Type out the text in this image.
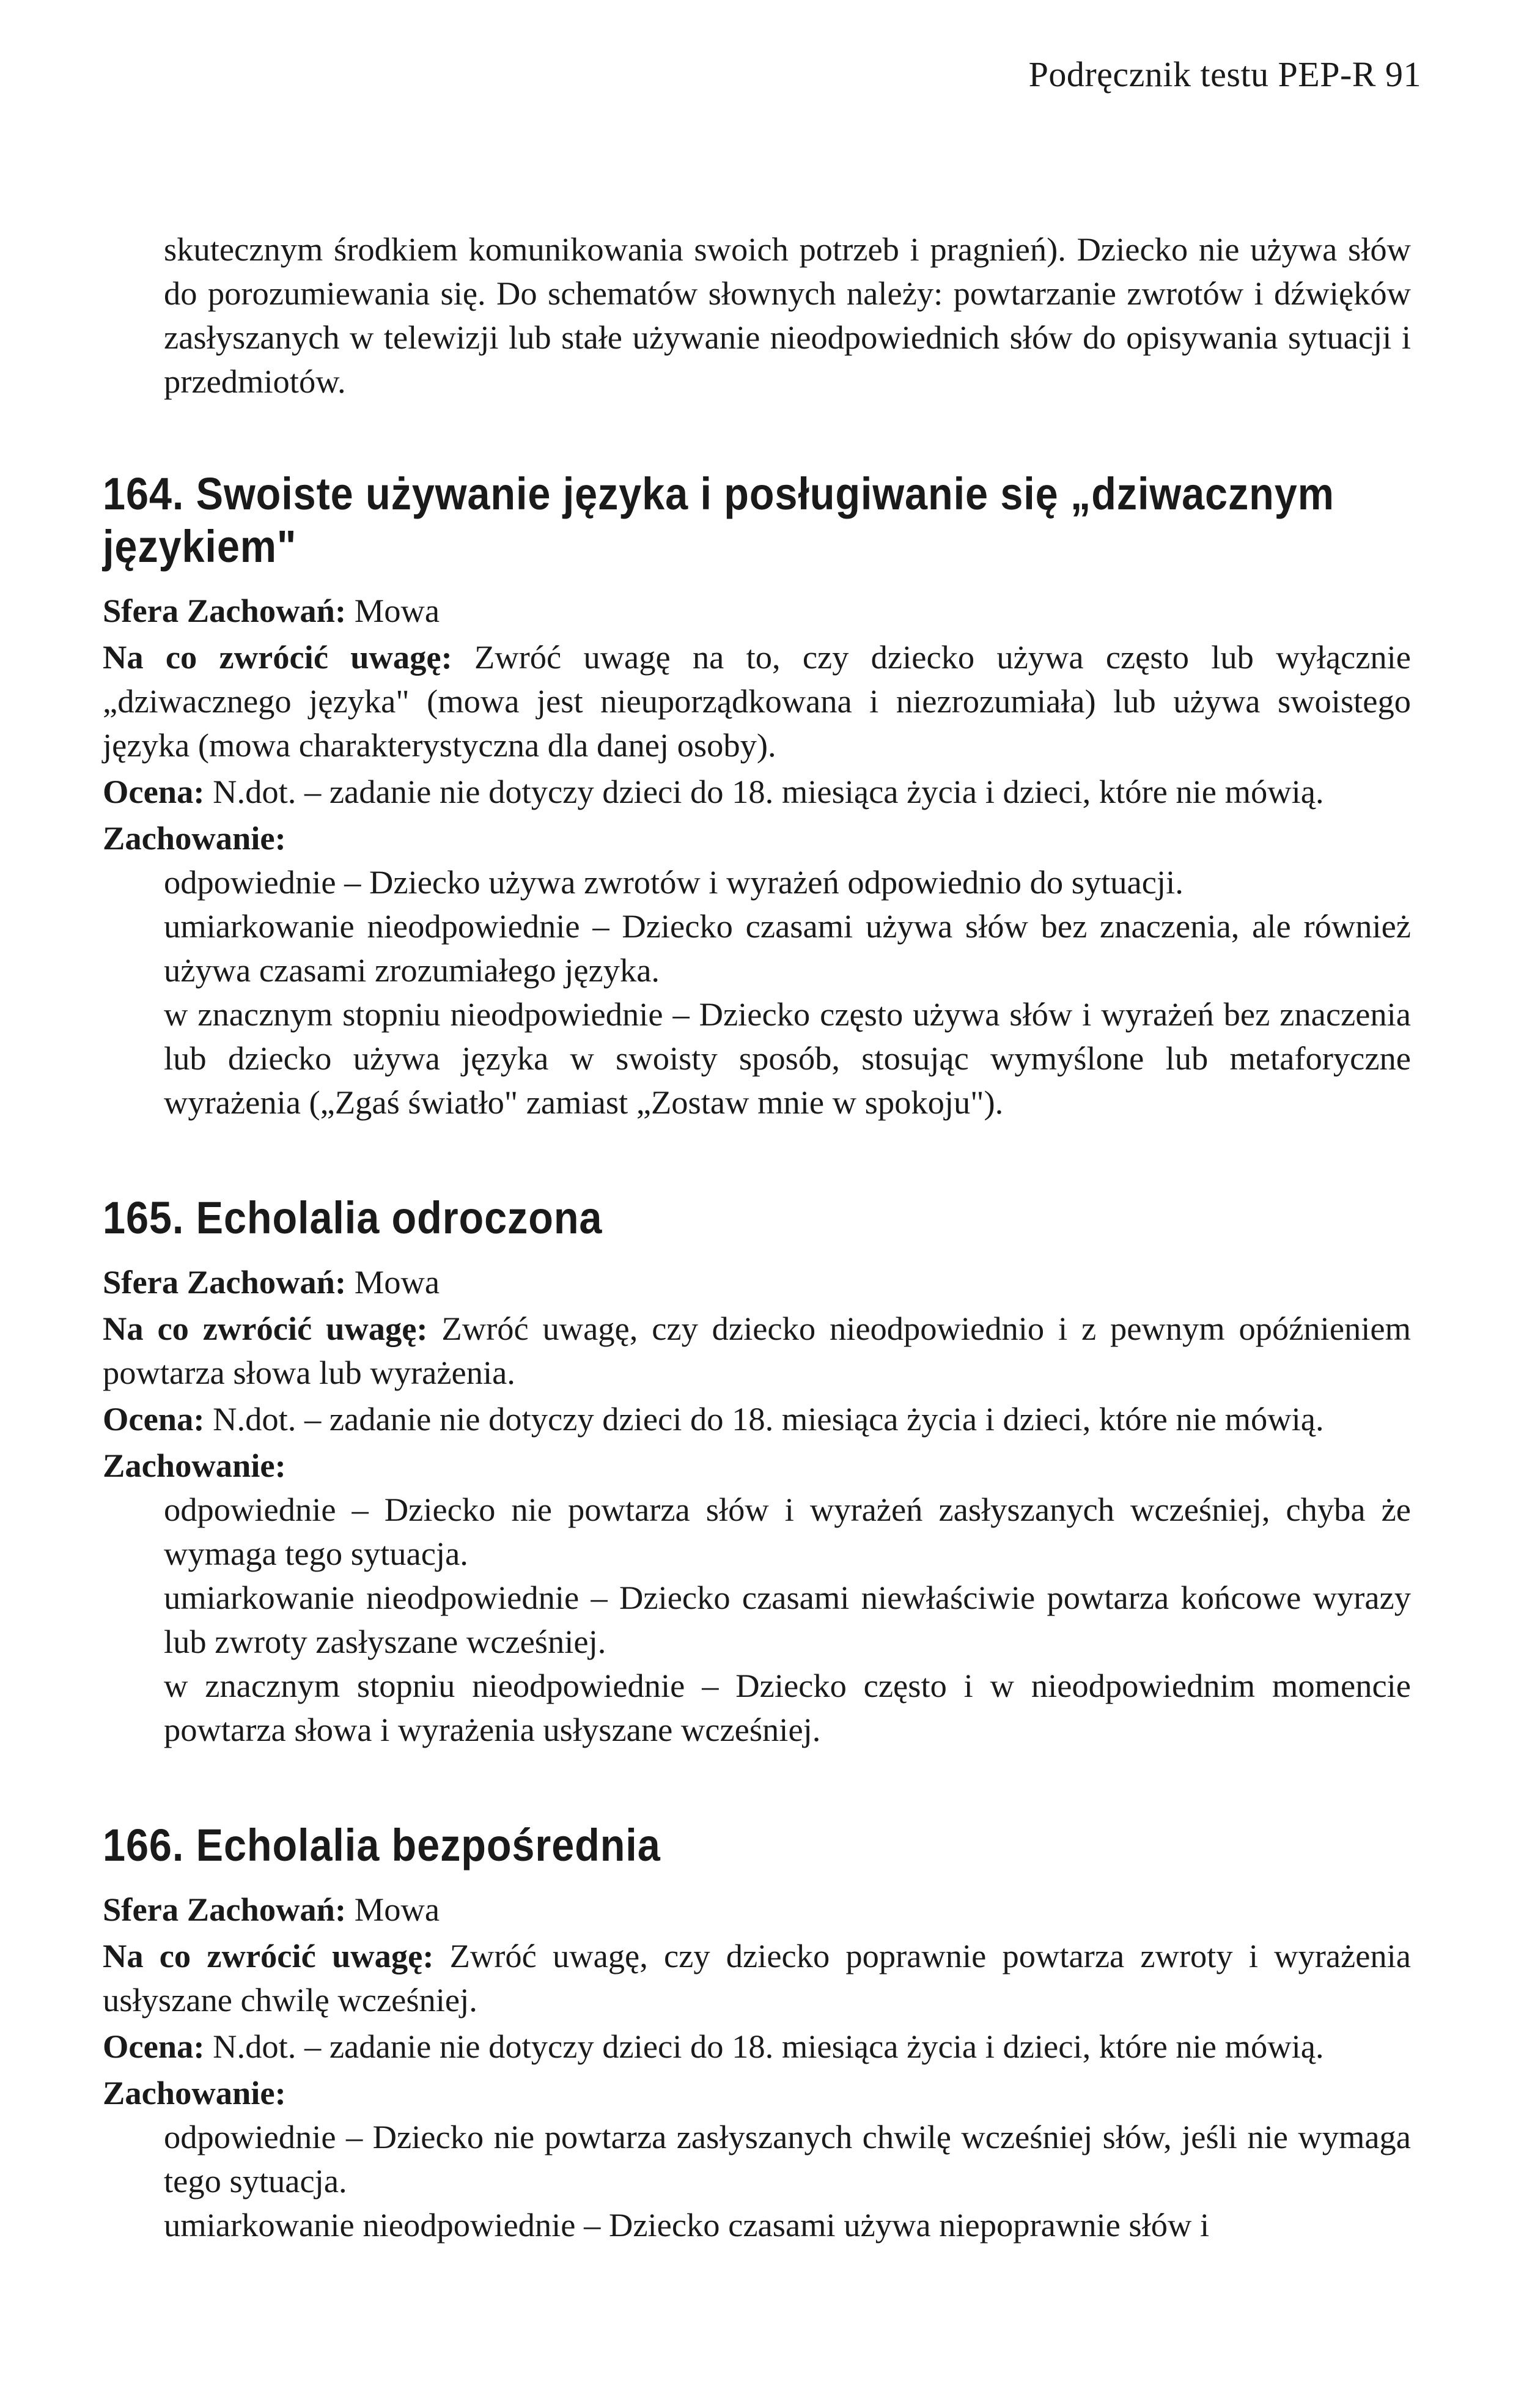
Podręcznik testu PEP-R 91

skutecznym środkiem komunikowania swoich potrzeb i pragnień). Dziecko nie używa słów do porozumiewania się. Do schematów słownych należy: powtarzanie zwrotów i dźwięków zasłyszanych w telewizji lub stałe używanie nieodpowiednich słów do opisywania sytuacji i przedmiotów.

164. Swoiste używanie języka i posługiwanie się „dziwacznym językiem"

Sfera Zachowań: Mowa

Na co zwrócić uwagę: Zwróć uwagę na to, czy dziecko używa często lub wyłącznie „dziwacznego języka" (mowa jest nieuporządkowana i niezrozumiała) lub używa swoistego języka (mowa charakterystyczna dla danej osoby).

Ocena: N.dot. – zadanie nie dotyczy dzieci do 18. miesiąca życia i dzieci, które nie mówią.

Zachowanie:

odpowiednie – Dziecko używa zwrotów i wyrażeń odpowiednio do sytuacji.

umiarkowanie nieodpowiednie – Dziecko czasami używa słów bez znaczenia, ale również używa czasami zrozumiałego języka.

w znacznym stopniu nieodpowiednie – Dziecko często używa słów i wyrażeń bez znaczenia lub dziecko używa języka w swoisty sposób, stosując wymyślone lub metaforyczne wyrażenia („Zgaś światło" zamiast „Zostaw mnie w spokoju").

165. Echolalia odroczona

Sfera Zachowań: Mowa

Na co zwrócić uwagę: Zwróć uwagę, czy dziecko nieodpowiednio i z pewnym opóźnieniem powtarza słowa lub wyrażenia.

Ocena: N.dot. – zadanie nie dotyczy dzieci do 18. miesiąca życia i dzieci, które nie mówią.

Zachowanie:

odpowiednie – Dziecko nie powtarza słów i wyrażeń zasłyszanych wcześniej, chyba że wymaga tego sytuacja.

umiarkowanie nieodpowiednie – Dziecko czasami niewłaściwie powtarza końcowe wyrazy lub zwroty zasłyszane wcześniej.

w znacznym stopniu nieodpowiednie – Dziecko często i w nieodpowiednim momencie powtarza słowa i wyrażenia usłyszane wcześniej.

166. Echolalia bezpośrednia

Sfera Zachowań: Mowa

Na co zwrócić uwagę: Zwróć uwagę, czy dziecko poprawnie powtarza zwroty i wyrażenia usłyszane chwilę wcześniej.

Ocena: N.dot. – zadanie nie dotyczy dzieci do 18. miesiąca życia i dzieci, które nie mówią.

Zachowanie:

odpowiednie – Dziecko nie powtarza zasłyszanych chwilę wcześniej słów, jeśli nie wymaga tego sytuacja.

umiarkowanie nieodpowiednie – Dziecko czasami używa niepoprawnie słów i
